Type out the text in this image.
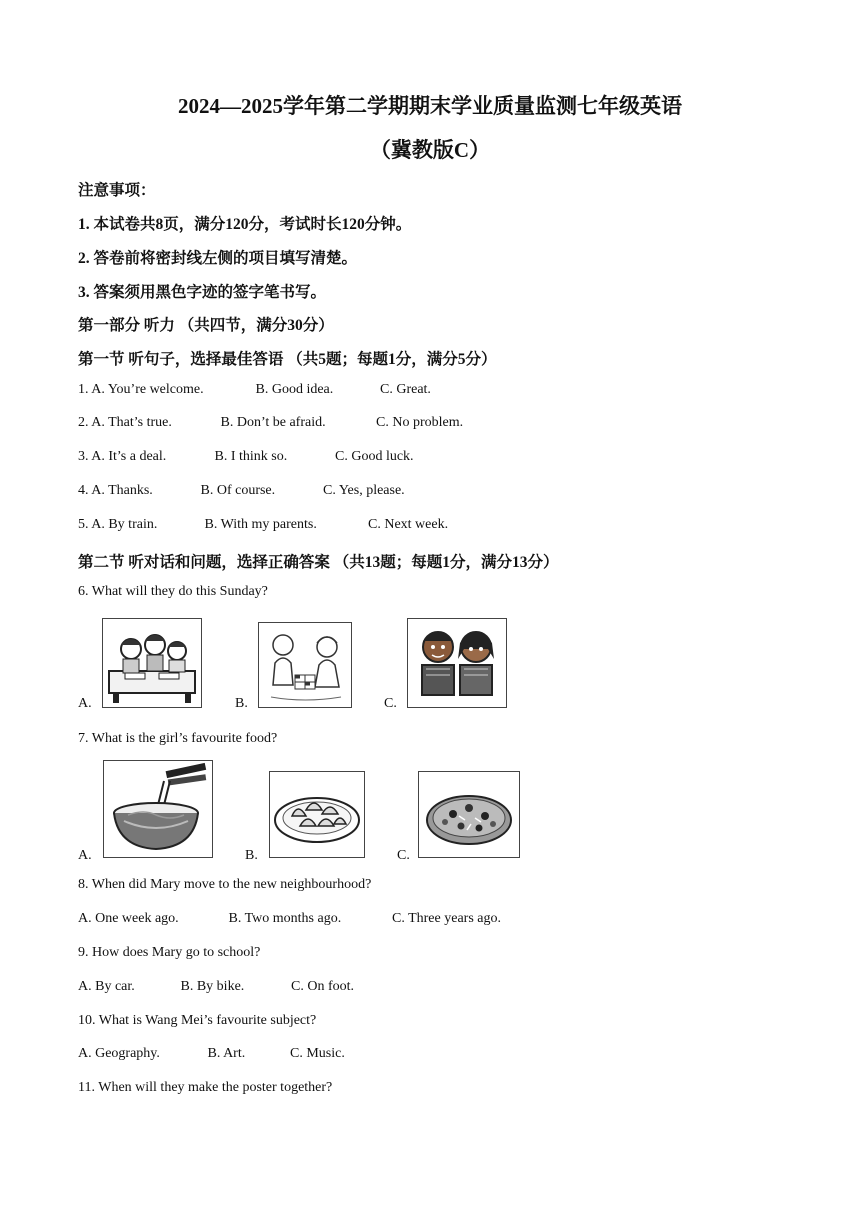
2024—2025学年第二学期期末学业质量监测七年级英语
（冀教版C）
注意事项：
1. 本试卷共8页，满分120分，考试时长120分钟。
2. 答卷前将密封线左侧的项目填写清楚。
3. 答案须用黑色字迹的签字笔书写。
第一部分 听力 （共四节，满分30分）
第一节 听句子，选择最佳答语 （共5题；每题1分，满分5分）
1. A. You’re welcome.	B. Good idea.	C. Great.
2. A. That’s true.	B. Don’t be afraid.	C. No problem.
3. A. It’s a deal.	B. I think so.	C. Good luck.
4. A. Thanks.	B. Of course.	C. Yes, please.
5. A. By train.	B. With my parents.	C. Next week.
第二节 听对话和问题，选择正确答案 （共13题；每题1分，满分13分）
6. What will they do this Sunday?
A.	B.	C.
7. What is the girl’s favourite food?
A.	B.	C.
8. When did Mary move to the new neighbourhood?
A. One week ago.	B. Two months ago.	C. Three years ago.
9. How does Mary go to school?
A. By car.	B. By bike.	C. On foot.
10. What is Wang Mei’s favourite subject?
A. Geography.	B. Art.	C. Music.
11. When will they make the poster together?
